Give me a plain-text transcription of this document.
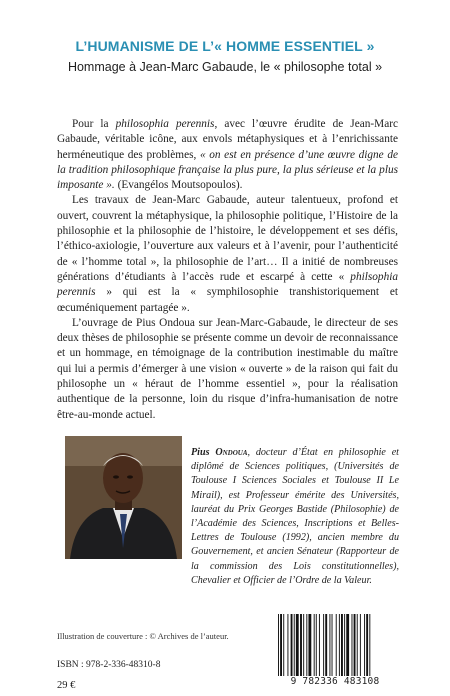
L’HUMANISME DE L’« HOMME ESSENTIEL »
Hommage à Jean-Marc Gabaude, le « philosophe total »

Pour la philosophia perennis, avec l’œuvre érudite de Jean-Marc Gabaude, véritable icône, aux envols métaphysiques et à l’enrichissante herméneutique des problèmes, « on est en présence d’une œuvre digne de la tradition philosophique française la plus pure, la plus sérieuse et la plus imposante ». (Evangélos Moutsopoulos).

Les travaux de Jean-Marc Gabaude, auteur talentueux, profond et ouvert, couvrent la métaphysique, la philosophie politique, l’Histoire de la philosophie et la philosophie de l’histoire, le développement et ses défis, l’éthico-axiologie, l’ouverture aux valeurs et à l’avenir, pour l’authenticité de « l’homme total », la philosophie de l’art… Il a initié de nombreuses générations d’étudiants à l’accès rude et escarpé à cette « philsophia perennis » qui est la « symphilosophie transhistoriquement et œcuméniquement partagée ».

L’ouvrage de Pius Ondoua sur Jean-Marc-Gabaude, le directeur de ses deux thèses de philosophie se présente comme un devoir de reconnaissance et un hommage, en témoignage de la contribution inestimable du maître qui lui a permis d’émerger à une vision « ouverte » de la raison qui fait du philosophe un « héraut de l’homme essentiel », pour la réalisation authentique de la personne, loin du risque d’infra-humanisation de notre être-au-monde actuel.

Pius Ondoua, docteur d’État en philosophie et diplômé de Sciences politiques, (Universités de Toulouse I Sciences Sociales et Toulouse II Le Mirail), est Professeur émérite des Universités, lauréat du Prix Georges Bastide (Philosophie) de l’Académie des Sciences, Inscriptions et Belles-Lettres de Toulouse (1992), ancien membre du Gouvernement, et ancien Sénateur (Rapporteur de la commission des Lois constitutionnelles), Chevalier et Officier de l’Ordre de la Valeur.
Illustration de couverture : © Archives de l’auteur.
ISBN : 978-2-336-48310-8
29 €	9 782336 483108
